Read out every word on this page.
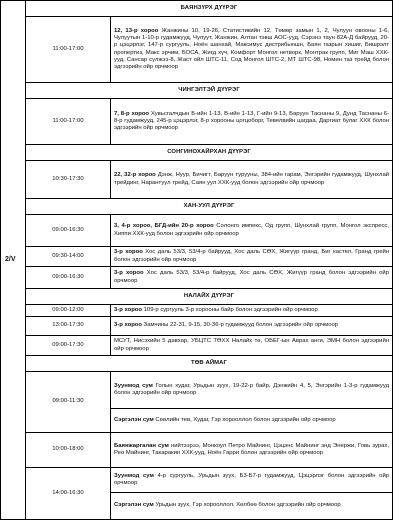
2/V	БАЯНЗҮРХ ДҮҮРЭГ	
	11:00-17:00	12, 13-р хороо Жанжины 10, 19-26, Статистикийн 12, Төмөр замын 1, 2, Чулуун овооны 1-6, Чулуутын 1-10-р гудамжууд, Чулуут, Жанжин, Алтан тэвш АОС-ууд, Сэрэнэ таун 82А-Д байрууд, 20-р цэцэрлэг, 147-р сургууль, Ноён шанхай, Максимус дистрибьюшн, Баян газрын хишиг, Бишрэлт пропертиз, Макс эрчим, БОСА, Жигд хүч, Комфорт Монгол нетворк, Монтрак групп, Миг Маш ХХК-ууд, Сансар сүлжээ-8, Жаст ойл ШТС-11, Сод Монгол ШТС-2, МТ ШТС-98, Номин таз трейд болон эдгээрийн ойр орчмоор
	ЧИНГЭЛТЭЙ ДҮҮРЭГ	
	11:00-17:00	7, 8-р хороо Хувьсгалчдын Б-ийн 1-13, В-ийн 1-13, Г-ийн 9-13, Баруун Таснаны 9, Дунд Таснаны 6-8-р гудамжууд, 245-р цэцэрлэг, 8-р хорооны цогцоборг, Тевелвийн цагдаа, Даргиат булаг ХХК болон эдгээрийн ойр орчмоор
	СОНГИНОХАЙРХАН ДҮҮРЭГ	
	10:30-17:30	22, 32-р хороо Дэнж, Нуур, Бичигт, Баруун турууны, 384-ийн гарам, Энгэрийн гудамжууд, Шунхлай трейдинг, Нарантуул трейд, Саян уул ХХК-ууд болон эдгээрийн ойр орчмоор
	ХАН-УУЛ ДҮҮРЭГ	
	09:00-16:30	3, 4-р хороо, БГД-ийн 20-р хороо Солонго импекс, Од групп, Шунхлай групп, Монгол экспресс, Хиппи ХХК-ууд болон эдгээрийн ойр орчмоор
	09:30-14:00	3-р хороо Хос даль 53/3, 53/4-р байрууд, Хос даль СӨХ, Жигүүр гранд, Биг кастел, Гранд грейн болон эдгээрийн ойр орчмоор
	09:00-16:30	3-р хороо Хос даль 53/3, 53/4-р байрууд, Хос даль СӨХ, Жигүүр гранд болон эдгээрийн ойр орчмоор
	НАЛАЙХ ДҮҮРЭГ	
	09:00-12:00	3-р хороо 109-р сургууль 3-р хорооны байр болон эдгээрийн ойр орчмоор
	13:00-17:30	3-р хороо Замчины 22-31, 9-15, 30-36-р гудамжууд болон эдгээрийн ойр орчмоор
	09:00-17:30	МСУТ, Нисэхийн 5 давхар, УБЦТС ТӨХХ Налайх тө, ОБЕГ-ын Аврах анги, ЭМН болон эдгээрийн ойр орчмоор
	ТӨВ АЙМАГ	
	09:00-11:30	Зуунмод сум Голын худаг, Урьдын зуух, 19-22-р байр, Дэнжийн 4, 5, Энгэрийн 1-3-р гудамжууд болон эдгээрийн ойр орчмоор
		Сэргэлэн сум Сөөлийн тев, Худаг, Гэр хорооллол болон эдгээрийн ойр орчмоор
	10:00-18:00	Баянжаргалан сум нийтээрээ, Монкоул Петро Майнинг, Цэцэнс Майнинг энд Энержи, Говь зурах, Рео Майнинг, Такаракин ХХК-ууд, Ноён Гарри болон эдгээрийн ойр орчмоор
	14:00-16:30	Зуунмод сум 4-р сургууль, Урьдын зуух, Б3-Б7-р гудамжууд, Цэцэрлэг болон эдгээрийн ойр орчмоор
		Сэргэлэн сум Урьдын зуух, Гэр хорооллол, Хөлбөө болон эдгээрийн ойр орчмоор
